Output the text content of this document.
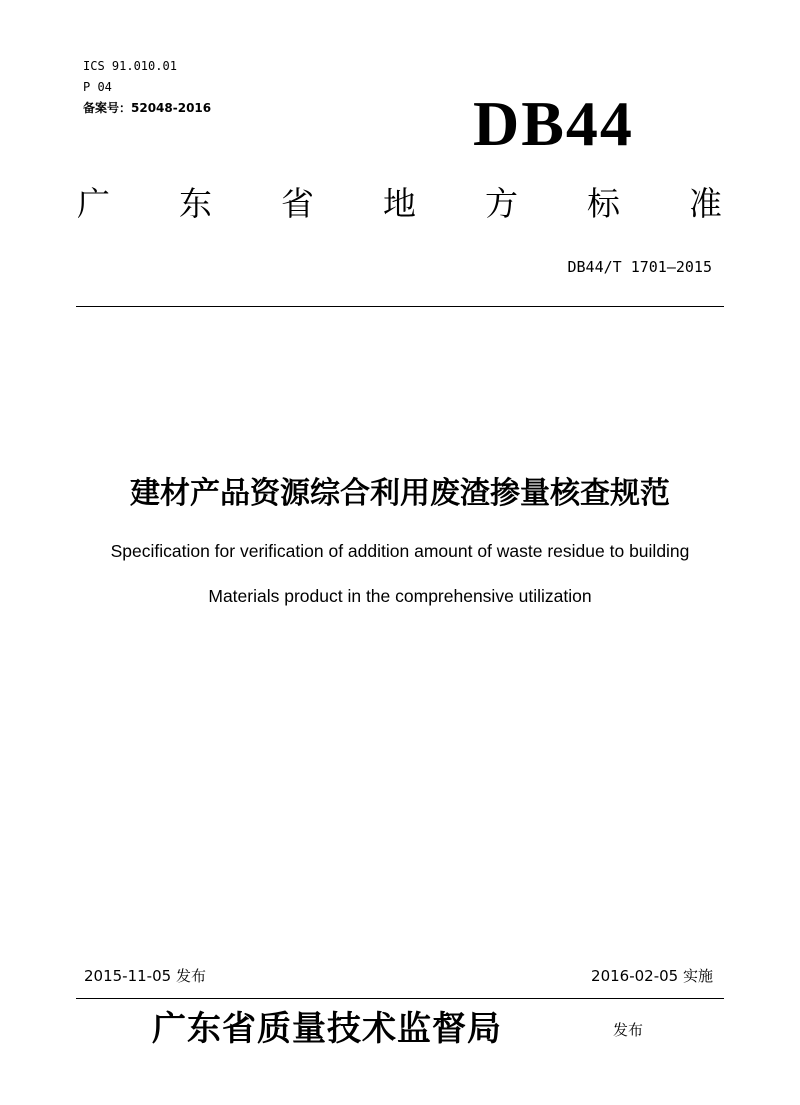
ICS 91.010.01
P 04
备案号：52048-2016	DB44
广 东 省 地 方 标 准
DB44/T 1701—2015
建材产品资源综合利用废渣掺量核查规范
Specification for verification of addition amount of waste residue to building
Materials product in the comprehensive utilization
2015-11-05 发布	2016-02-05 实施
广东省质量技术监督局	发布
